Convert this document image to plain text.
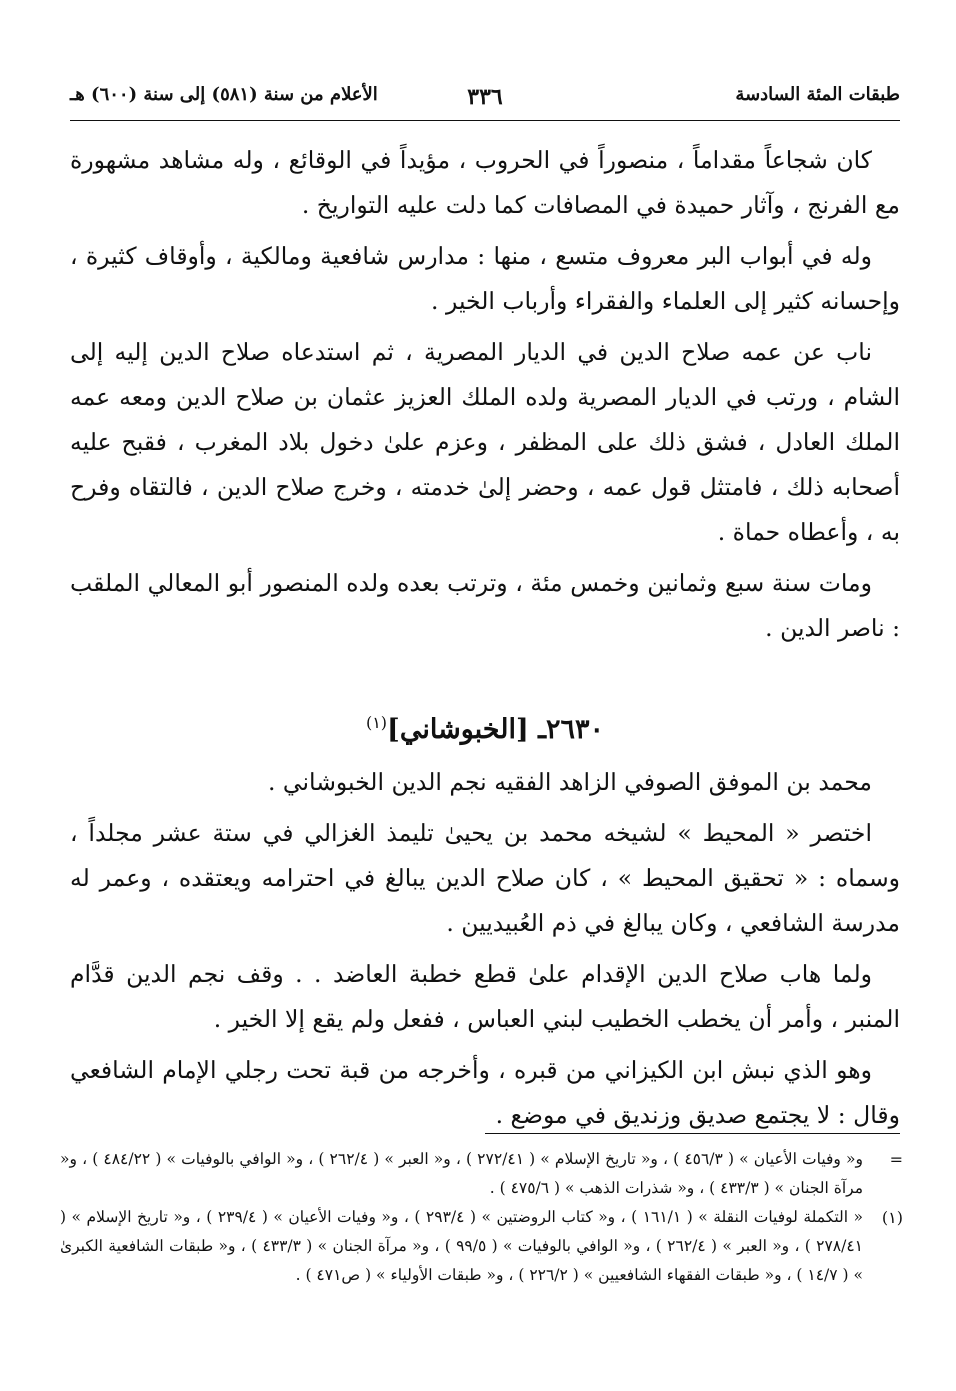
طبقات المئة السادسة
٣٣٦
الأعلام من سنة (٥٨١) إلى سنة (٦٠٠) هـ

كان شجاعاً مقداماً ، منصوراً في الحروب ، مؤيداً في الوقائع ، وله مشاهد مشهورة مع الفرنج ، وآثار حميدة في المصافات كما دلت عليه التواريخ .

وله في أبواب البر معروف متسع ، منها : مدارس شافعية ومالكية ، وأوقاف كثيرة ، وإحسانه كثير إلى العلماء والفقراء وأرباب الخير .

ناب عن عمه صلاح الدين في الديار المصرية ، ثم استدعاه صلاح الدين إليه إلى الشام ، ورتب في الديار المصرية ولده الملك العزيز عثمان بن صلاح الدين ومعه عمه الملك العادل ، فشق ذلك على المظفر ، وعزم علىٰ دخول بلاد المغرب ، فقبح عليه أصحابه ذلك ، فامتثل قول عمه ، وحضر إلىٰ خدمته ، وخرج صلاح الدين ، فالتقاه وفرح به ، وأعطاه حماة .

ومات سنة سبع وثمانين وخمس مئة ، وترتب بعده ولده المنصور أبو المعالي الملقب : ناصر الدين .

٢٦٣٠ـ [الخبوشاني]$^{(١)}$

محمد بن الموفق الصوفي الزاهد الفقيه نجم الدين الخبوشاني .

اختصر « المحيط » لشيخه محمد بن يحيىٰ تليمذ الغزالي في ستة عشر مجلداً ، وسماه : « تحقيق المحيط » ، كان صلاح الدين يبالغ في احترامه ويعتقده ، وعمر له مدرسة الشافعي ، وكان يبالغ في ذم العُبيديين .

ولما هاب صلاح الدين الإقدام علىٰ قطع خطبة العاضد . . وقف نجم الدين قدَّام المنبر ، وأمر أن يخطب الخطيب لبني العباس ، ففعل ولم يقع إلا الخير .

وهو الذي نبش ابن الكيزاني من قبره ، وأخرجه من قبة تحت رجلي الإمام الشافعي وقال : لا يجتمع صديق وزنديق في موضع .

=
و« وفيات الأعيان » ( ٤٥٦/٣ ) ، و« تاريخ الإسلام » ( ٢٧٢/٤١ ) ، و« العبر » ( ٢٦٢/٤ ) ، و« الوافي بالوفيات » ( ٤٨٤/٢٢ ) ، و« مرآة الجنان » ( ٤٣٣/٣ ) ، و« شذرات الذهب » ( ٤٧٥/٦ ) .

(١)
« التكملة لوفيات النقلة » ( ١٦١/١ ) ، و« كتاب الروضتين » ( ٢٩٣/٤ ) ، و« وفيات الأعيان » ( ٢٣٩/٤ ) ، و« تاريخ الإسلام » ( ٢٧٨/٤١ ) ، و« العبر » ( ٢٦٢/٤ ) ، و« الوافي بالوفيات » ( ٩٩/٥ ) ، و« مرآة الجنان » ( ٤٣٣/٣ ) ، و« طبقات الشافعية الكبرىٰ » ( ١٤/٧ ) ، و« طبقات الفقهاء الشافعيين » ( ٢٢٦/٢ ) ، و« طبقات الأولياء » ( ص٤٧١ ) .
